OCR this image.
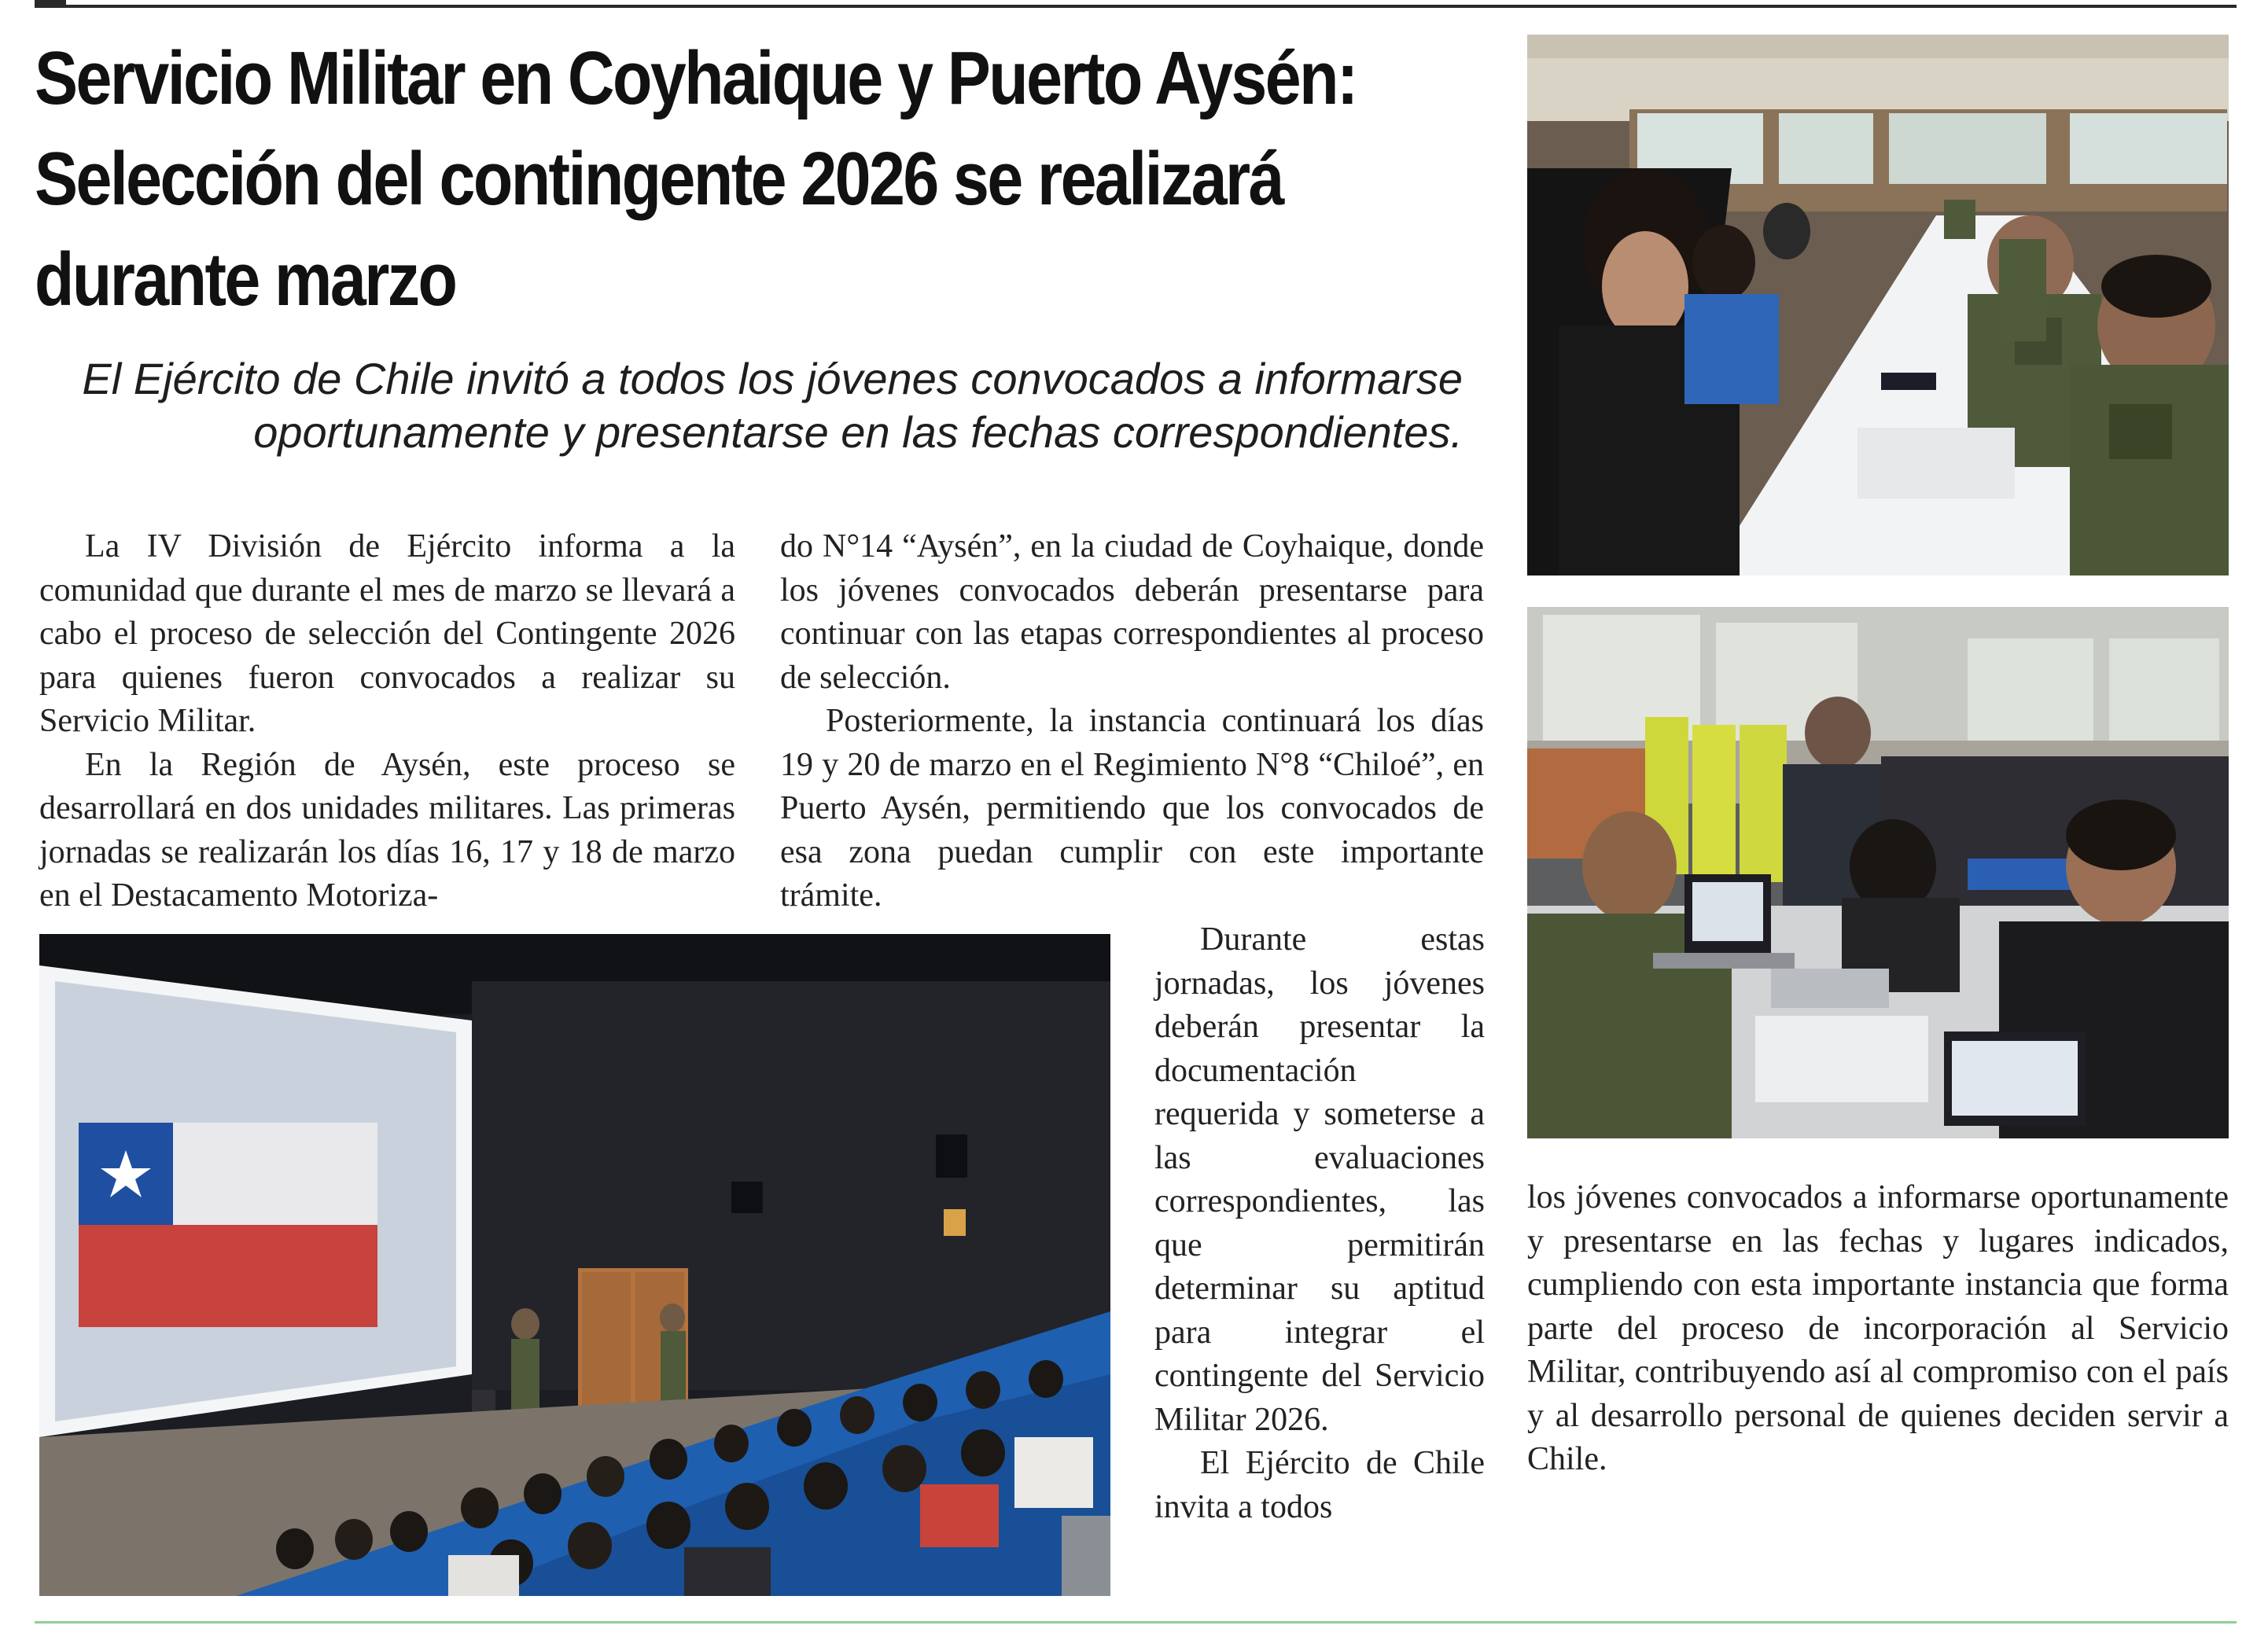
Servicio Militar en Coyhaique y Puerto Aysén: Selección del contingente 2026 se realizará durante marzo
El Ejército de Chile invitó a todos los jóvenes convocados a informarse oportunamente y presentarse en las fechas correspondientes.

La IV División de Ejército informa a la comunidad que durante el mes de marzo se llevará a cabo el proceso de selección del Contingente 2026 para quienes fueron convocados a realizar su Servicio Militar.

En la Región de Aysén, este proceso se desarrollará en dos unidades militares. Las primeras jornadas se realizarán los días 16, 17 y 18 de marzo en el Destacamento Motoriza-

do N°14 “Aysén”, en la ciudad de Coyhaique, donde los jóvenes convocados deberán presentarse para continuar con las etapas correspondientes al proceso de selección.

Posteriormente, la instancia continuará los días 19 y 20 de marzo en el Regimiento N°8 “Chiloé”, en Puerto Aysén, permitiendo que los convocados de esa zona puedan cumplir con este importante trámite.

Durante estas jornadas, los jóvenes deberán presentar la documentación requerida y someterse a las evaluaciones correspondientes, las que permitirán determinar su aptitud para integrar el contingente del Servicio Militar 2026.

El Ejército de Chile invita a todos

los jóvenes convocados a informarse oportunamente y presentarse en las fechas y lugares indicados, cumpliendo con esta importante instancia que forma parte del proceso de incorporación al Servicio Militar, contribuyendo así al compromiso con el país y al desarrollo personal de quienes deciden servir a Chile.
